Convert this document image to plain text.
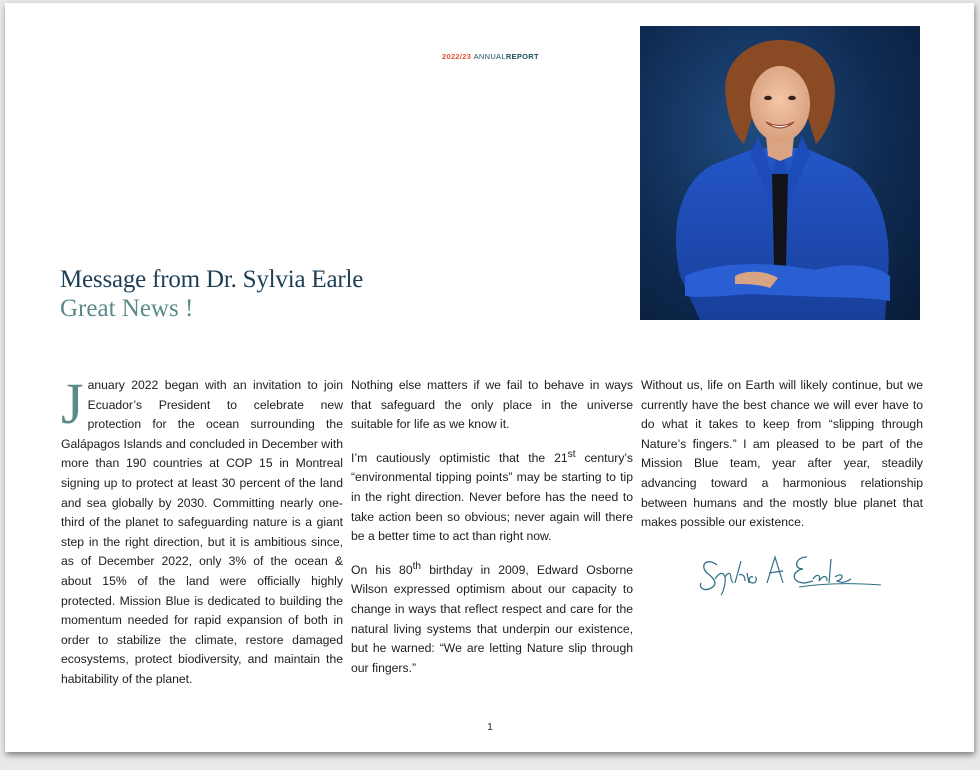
2022/23 ANNUALREPORT
Message from Dr. Sylvia Earle
Great News !

January 2022 began with an invitation to join Ecuador’s President to celebrate new protection for the ocean surrounding the Galápagos Islands and concluded in December with more than 190 countries at COP 15 in Montreal signing up to protect at least 30 percent of the land and sea globally by 2030. Committing nearly one-third of the planet to safeguarding nature is a giant step in the right direction, but it is ambitious since, as of December 2022, only 3% of the ocean & about 15% of the land were officially highly protected. Mission Blue is dedicated to building the momentum needed for rapid expansion of both in order to stabilize the climate, restore damaged ecosystems, protect biodiversity, and maintain the habitability of the planet.

Nothing else matters if we fail to behave in ways that safeguard the only place in the universe suitable for life as we know it.

I’m cautiously optimistic that the 21st century’s “environmental tipping points” may be starting to tip in the right direction. Never before has the need to take action been so obvious; never again will there be a better time to act than right now.

On his 80th birthday in 2009, Edward Osborne Wilson expressed optimism about our capacity to change in ways that reflect respect and care for the natural living systems that underpin our existence, but he warned: “We are letting Nature slip through our fingers.”

Without us, life on Earth will likely continue, but we currently have the best chance we will ever have to do what it takes to keep from “slipping through Nature’s fingers.” I am pleased to be part of the Mission Blue team, year after year, steadily advancing toward a harmonious relationship between humans and the mostly blue planet that makes possible our existence.

1
